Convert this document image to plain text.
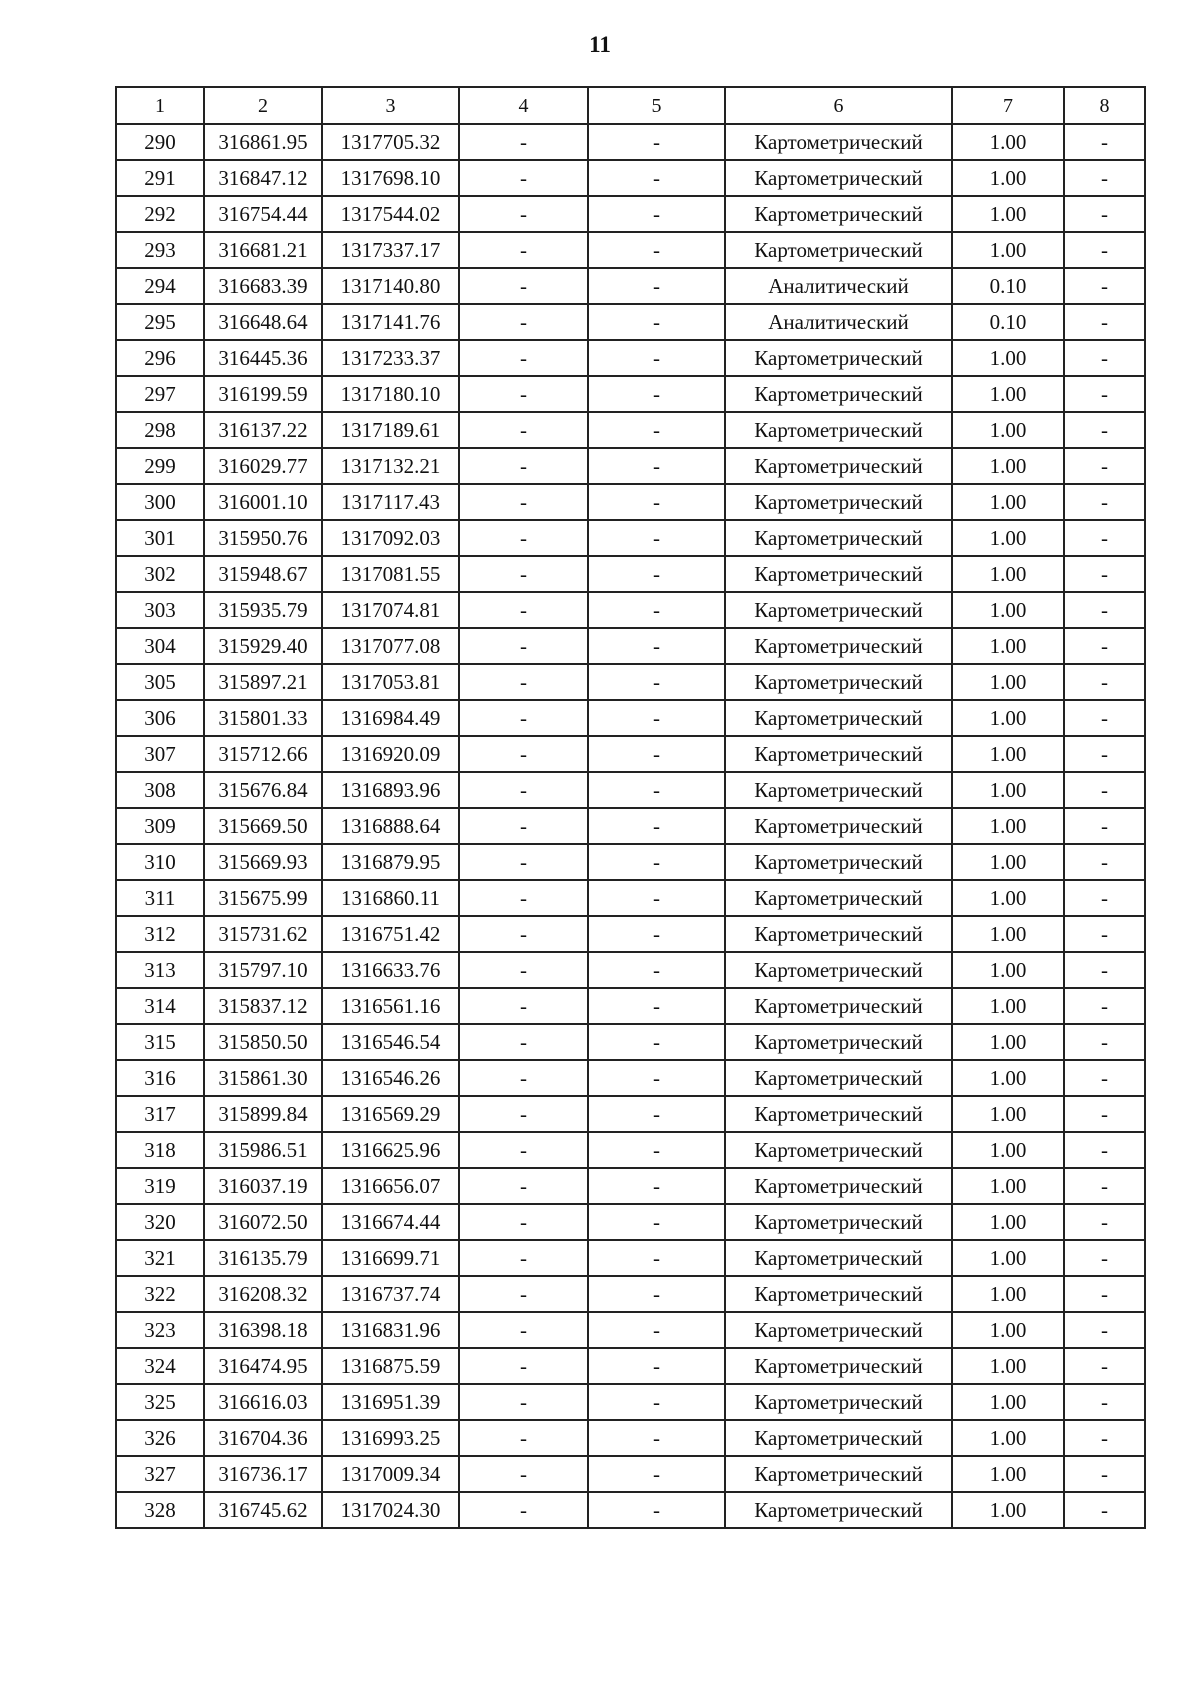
11
1	2	3	4	5	6	7	8
290	316861.95	1317705.32	-	-	Картометрический	1.00	-
291	316847.12	1317698.10	-	-	Картометрический	1.00	-
292	316754.44	1317544.02	-	-	Картометрический	1.00	-
293	316681.21	1317337.17	-	-	Картометрический	1.00	-
294	316683.39	1317140.80	-	-	Аналитический	0.10	-
295	316648.64	1317141.76	-	-	Аналитический	0.10	-
296	316445.36	1317233.37	-	-	Картометрический	1.00	-
297	316199.59	1317180.10	-	-	Картометрический	1.00	-
298	316137.22	1317189.61	-	-	Картометрический	1.00	-
299	316029.77	1317132.21	-	-	Картометрический	1.00	-
300	316001.10	1317117.43	-	-	Картометрический	1.00	-
301	315950.76	1317092.03	-	-	Картометрический	1.00	-
302	315948.67	1317081.55	-	-	Картометрический	1.00	-
303	315935.79	1317074.81	-	-	Картометрический	1.00	-
304	315929.40	1317077.08	-	-	Картометрический	1.00	-
305	315897.21	1317053.81	-	-	Картометрический	1.00	-
306	315801.33	1316984.49	-	-	Картометрический	1.00	-
307	315712.66	1316920.09	-	-	Картометрический	1.00	-
308	315676.84	1316893.96	-	-	Картометрический	1.00	-
309	315669.50	1316888.64	-	-	Картометрический	1.00	-
310	315669.93	1316879.95	-	-	Картометрический	1.00	-
311	315675.99	1316860.11	-	-	Картометрический	1.00	-
312	315731.62	1316751.42	-	-	Картометрический	1.00	-
313	315797.10	1316633.76	-	-	Картометрический	1.00	-
314	315837.12	1316561.16	-	-	Картометрический	1.00	-
315	315850.50	1316546.54	-	-	Картометрический	1.00	-
316	315861.30	1316546.26	-	-	Картометрический	1.00	-
317	315899.84	1316569.29	-	-	Картометрический	1.00	-
318	315986.51	1316625.96	-	-	Картометрический	1.00	-
319	316037.19	1316656.07	-	-	Картометрический	1.00	-
320	316072.50	1316674.44	-	-	Картометрический	1.00	-
321	316135.79	1316699.71	-	-	Картометрический	1.00	-
322	316208.32	1316737.74	-	-	Картометрический	1.00	-
323	316398.18	1316831.96	-	-	Картометрический	1.00	-
324	316474.95	1316875.59	-	-	Картометрический	1.00	-
325	316616.03	1316951.39	-	-	Картометрический	1.00	-
326	316704.36	1316993.25	-	-	Картометрический	1.00	-
327	316736.17	1317009.34	-	-	Картометрический	1.00	-
328	316745.62	1317024.30	-	-	Картометрический	1.00	-
